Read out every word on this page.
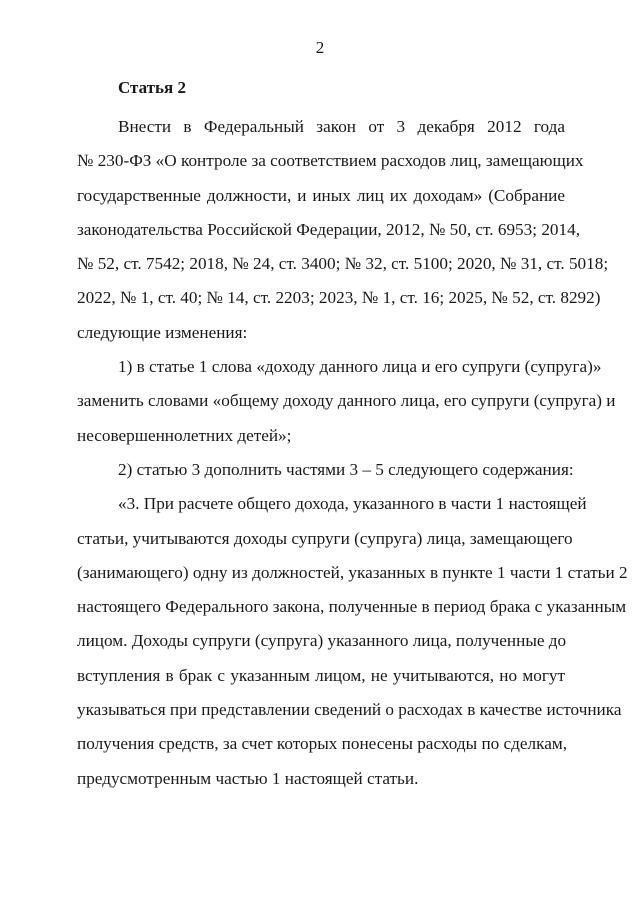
2
Статья 2

Внести в Федеральный закон от 3 декабря 2012 года
№ 230-ФЗ «О контроле за соответствием расходов лиц, замещающих
государственные должности, и иных лиц их доходам» (Собрание
законодательства Российской Федерации, 2012, № 50, ст. 6953; 2014,
№ 52, ст. 7542; 2018, № 24, ст. 3400; № 32, ст. 5100; 2020, № 31, ст. 5018;
2022, № 1, ст. 40; № 14, ст. 2203; 2023, № 1, ст. 16; 2025, № 52, ст. 8292)
следующие изменения:

1) в статье 1 слова «доходу данного лица и его супруги (супруга)»
заменить словами «общему доходу данного лица, его супруги (супруга) и
несовершеннолетних детей»;

2) статью 3 дополнить частями 3 – 5 следующего содержания:

«3. При расчете общего дохода, указанного в части 1 настоящей
статьи, учитываются доходы супруги (супруга) лица, замещающего
(занимающего) одну из должностей, указанных в пункте 1 части 1 статьи 2
настоящего Федерального закона, полученные в период брака с указанным
лицом. Доходы супруги (супруга) указанного лица, полученные до
вступления в брак с указанным лицом, не учитываются, но могут
указываться при представлении сведений о расходах в качестве источника
получения средств, за счет которых понесены расходы по сделкам,
предусмотренным частью 1 настоящей статьи.
